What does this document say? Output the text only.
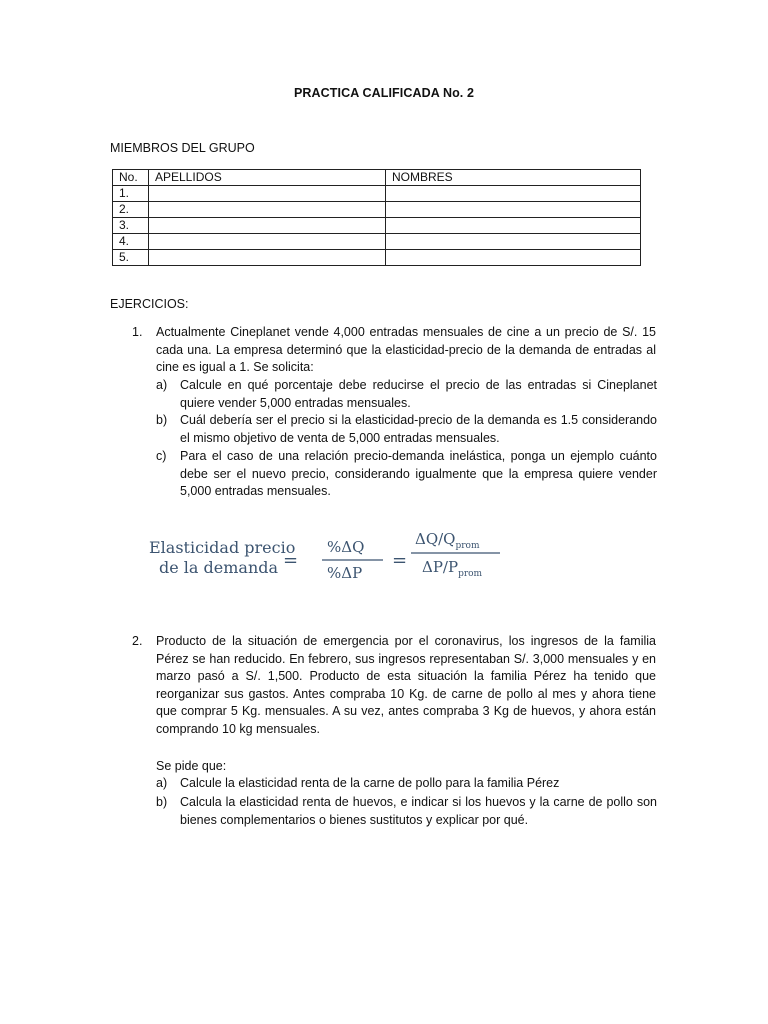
PRACTICA CALIFICADA No. 2
MIEMBROS DEL GRUPO
No.	APELLIDOS	NOMBRES
1.		
2.		
3.		
4.		
5.		
EJERCICIOS:
1. Actualmente Cineplanet vende 4,000 entradas mensuales de cine a un precio de S/. 15 cada una. La empresa determinó que la elasticidad-precio de la demanda de entradas al cine es igual a 1. Se solicita:
a) Calcule en qué porcentaje debe reducirse el precio de las entradas si Cineplanet quiere vender 5,000 entradas mensuales.
b) Cuál debería ser el precio si la elasticidad-precio de la demanda es 1.5 considerando el mismo objetivo de venta de 5,000 entradas mensuales.
c) Para el caso de una relación precio-demanda inelástica, ponga un ejemplo cuánto debe ser el nuevo precio, considerando igualmente que la empresa quiere vender 5,000 entradas mensuales.
Elasticidad precio
de la demanda =
%ΔQ
%ΔP
=
$\Delta Q/Q_{prom}$
$\Delta P/P_{prom}$
2. Producto de la situación de emergencia por el coronavirus, los ingresos de la familia Pérez se han reducido. En febrero, sus ingresos representaban S/. 3,000 mensuales y en marzo pasó a S/. 1,500. Producto de esta situación la familia Pérez ha tenido que reorganizar sus gastos. Antes compraba 10 Kg. de carne de pollo al mes y ahora tiene que comprar 5 Kg. mensuales. A su vez, antes compraba 3 Kg de huevos, y ahora están comprando 10 kg mensuales.
Se pide que:
a) Calcule la elasticidad renta de la carne de pollo para la familia Pérez
b) Calcula la elasticidad renta de huevos, e indicar si los huevos y la carne de pollo son bienes complementarios o bienes sustitutos y explicar por qué.
